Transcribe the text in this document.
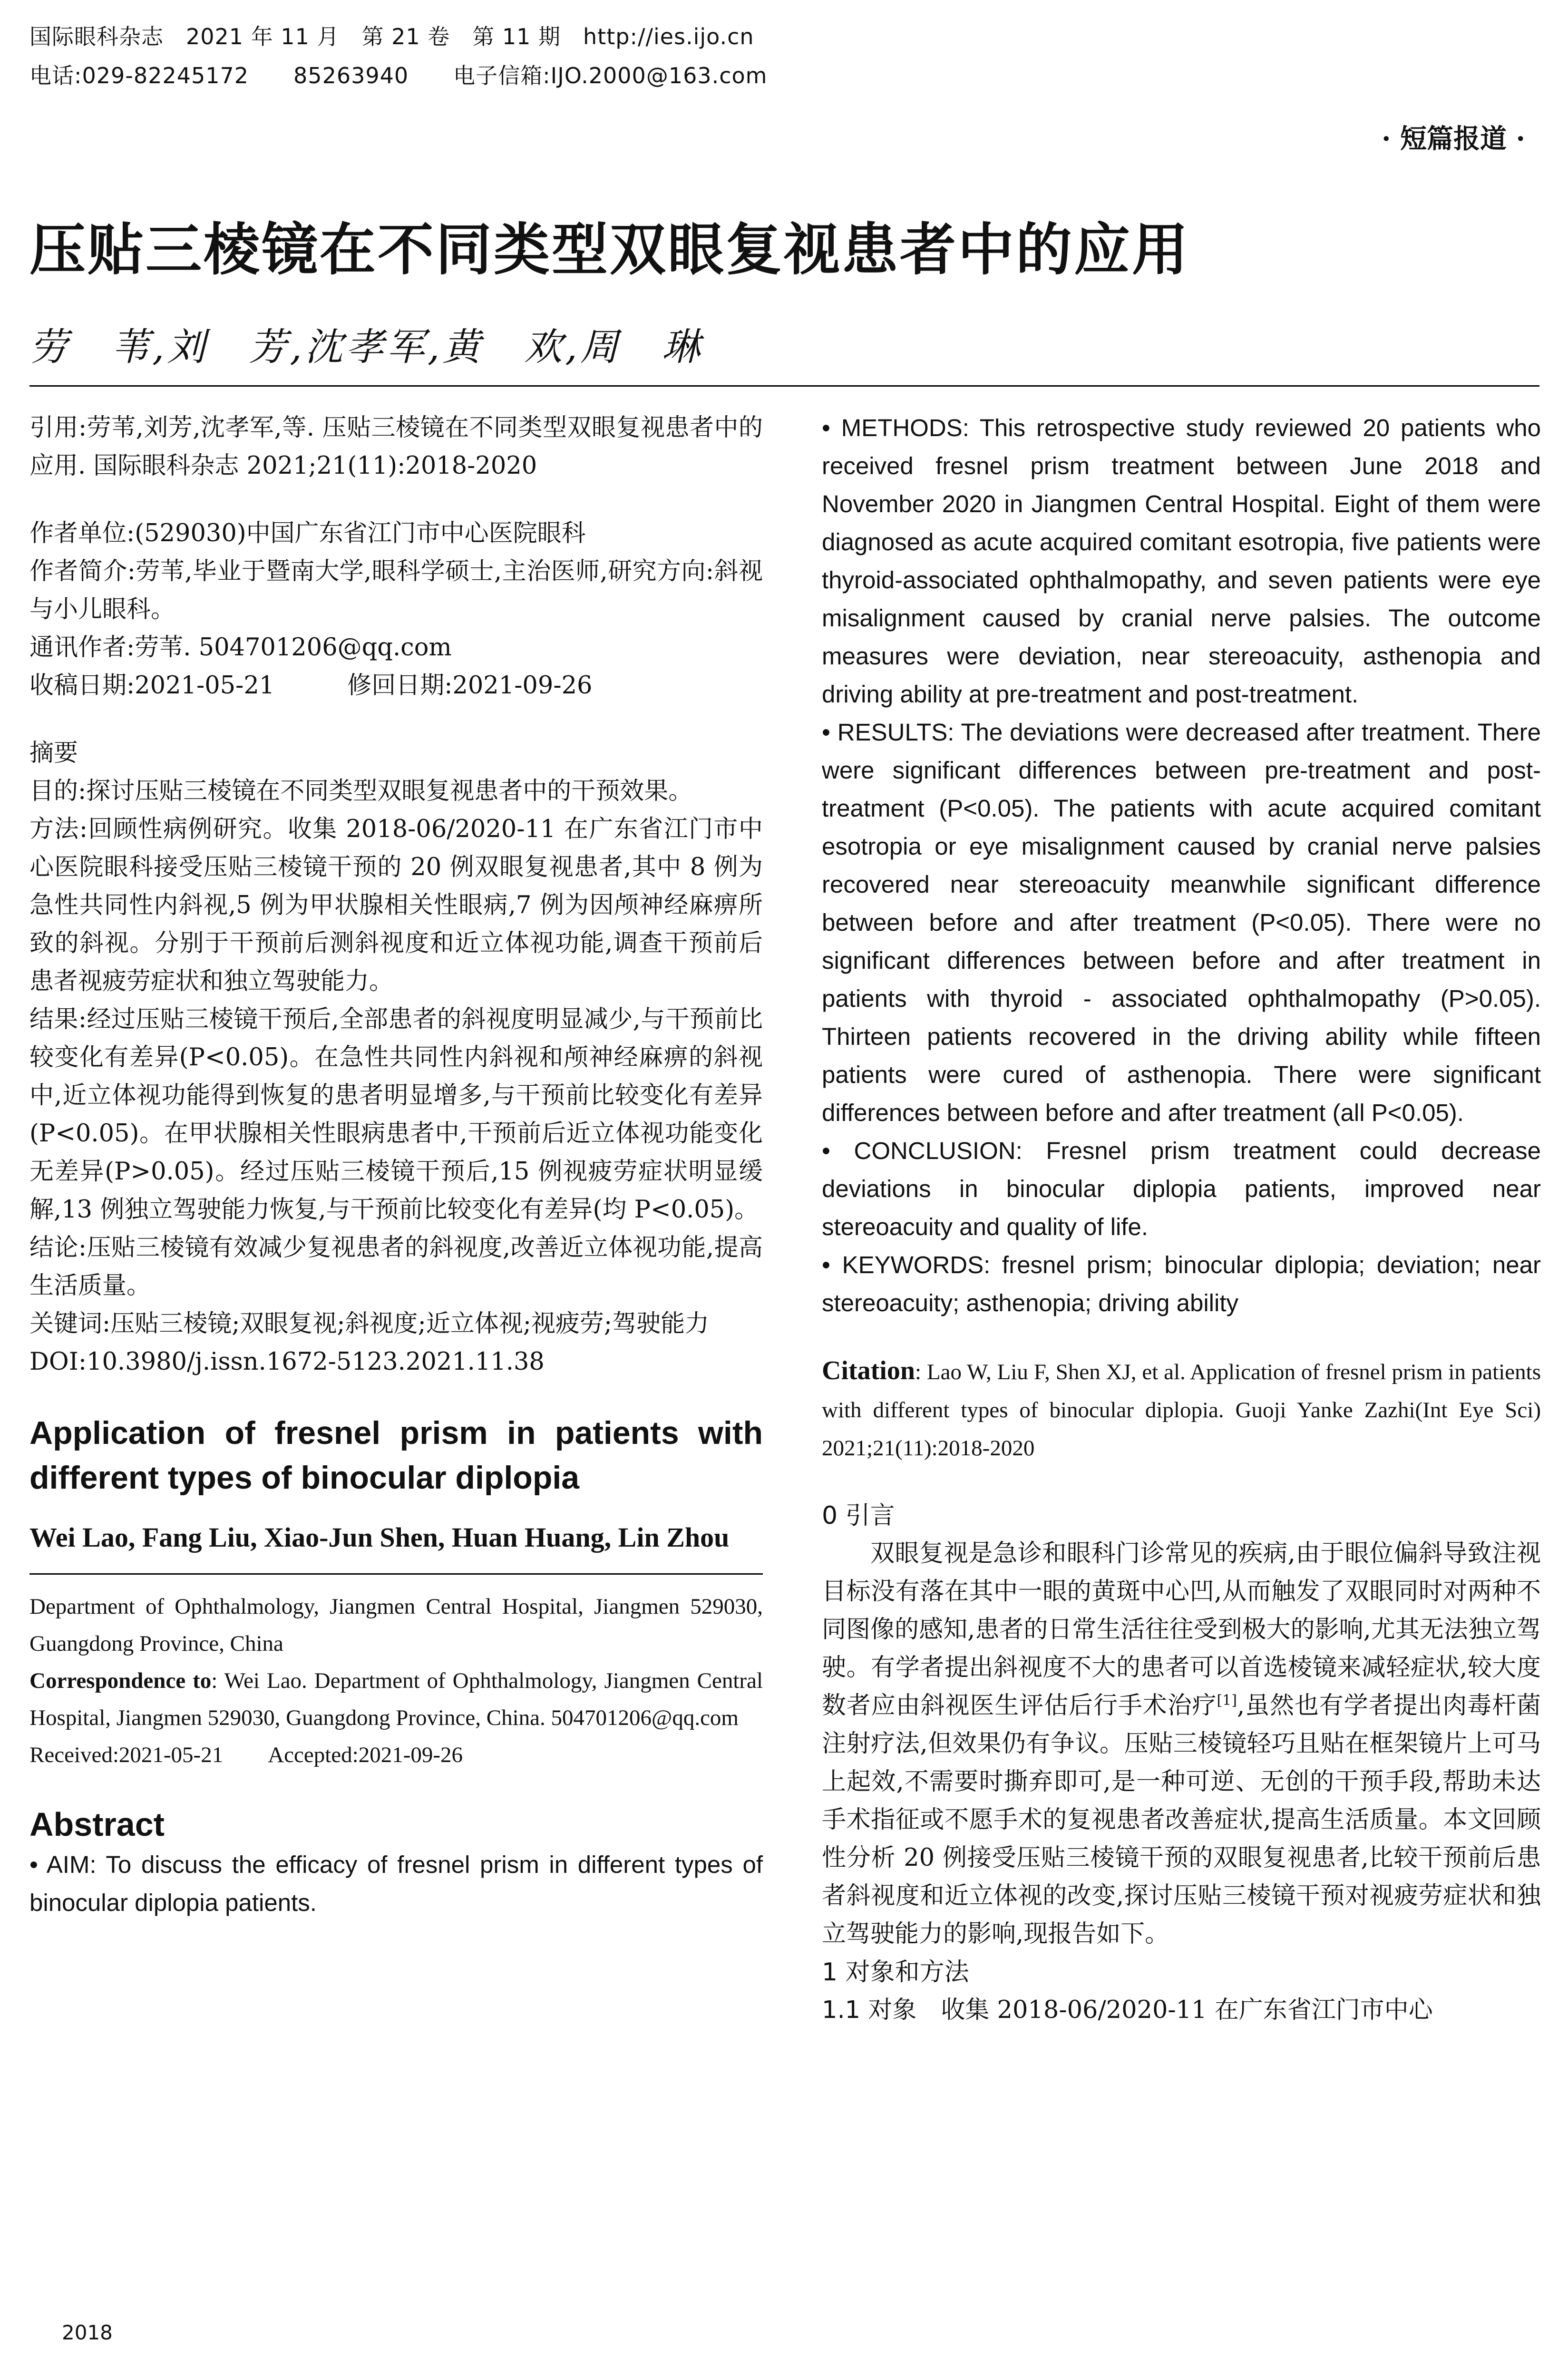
国际眼科杂志　2021 年 11 月　第 21 卷　第 11 期　http://ies.ijo.cn
电话:029-82245172　　85263940　　电子信箱:IJO.2000@163.com
· 短篇报道 ·
压贴三棱镜在不同类型双眼复视患者中的应用
劳　苇,刘　芳,沈孝军,黄　欢,周　琳

引用:劳苇,刘芳,沈孝军,等. 压贴三棱镜在不同类型双眼复视患者中的应用. 国际眼科杂志 2021;21(11):2018-2020

作者单位:(529030)中国广东省江门市中心医院眼科

作者简介:劳苇,毕业于暨南大学,眼科学硕士,主治医师,研究方向:斜视与小儿眼科。

通讯作者:劳苇. 504701206@qq.com

收稿日期:2021-05-21　　　修回日期:2021-09-26

摘要

目的:探讨压贴三棱镜在不同类型双眼复视患者中的干预效果。

方法:回顾性病例研究。收集 2018-06/2020-11 在广东省江门市中心医院眼科接受压贴三棱镜干预的 20 例双眼复视患者,其中 8 例为急性共同性内斜视,5 例为甲状腺相关性眼病,7 例为因颅神经麻痹所致的斜视。分别于干预前后测斜视度和近立体视功能,调查干预前后患者视疲劳症状和独立驾驶能力。

结果:经过压贴三棱镜干预后,全部患者的斜视度明显减少,与干预前比较变化有差异(P<0.05)。在急性共同性内斜视和颅神经麻痹的斜视中,近立体视功能得到恢复的患者明显增多,与干预前比较变化有差异(P<0.05)。在甲状腺相关性眼病患者中,干预前后近立体视功能变化无差异(P>0.05)。经过压贴三棱镜干预后,15 例视疲劳症状明显缓解,13 例独立驾驶能力恢复,与干预前比较变化有差异(均 P<0.05)。

结论:压贴三棱镜有效减少复视患者的斜视度,改善近立体视功能,提高生活质量。

关键词:压贴三棱镜;双眼复视;斜视度;近立体视;视疲劳;驾驶能力

DOI:10.3980/j.issn.1672-5123.2021.11.38

Application of fresnel prism in patients with different types of binocular diplopia

Wei Lao, Fang Liu, Xiao-Jun Shen, Huan Huang, Lin Zhou

Department of Ophthalmology, Jiangmen Central Hospital, Jiangmen 529030, Guangdong Province, China

Correspondence to: Wei Lao. Department of Ophthalmology, Jiangmen Central Hospital, Jiangmen 529030, Guangdong Province, China. 504701206@qq.com

Received:2021-05-21　　Accepted:2021-09-26

Abstract

• AIM: To discuss the efficacy of fresnel prism in different types of binocular diplopia patients.

• METHODS: This retrospective study reviewed 20 patients who received fresnel prism treatment between June 2018 and November 2020 in Jiangmen Central Hospital. Eight of them were diagnosed as acute acquired comitant esotropia, five patients were thyroid-associated ophthalmopathy, and seven patients were eye misalignment caused by cranial nerve palsies. The outcome measures were deviation, near stereoacuity, asthenopia and driving ability at pre-treatment and post-treatment.

• RESULTS: The deviations were decreased after treatment. There were significant differences between pre-treatment and post-treatment (P<0.05). The patients with acute acquired comitant esotropia or eye misalignment caused by cranial nerve palsies recovered near stereoacuity meanwhile significant difference between before and after treatment (P<0.05). There were no significant differences between before and after treatment in patients with thyroid - associated ophthalmopathy (P>0.05). Thirteen patients recovered in the driving ability while fifteen patients were cured of asthenopia. There were significant differences between before and after treatment (all P<0.05).

• CONCLUSION: Fresnel prism treatment could decrease deviations in binocular diplopia patients, improved near stereoacuity and quality of life.

• KEYWORDS: fresnel prism; binocular diplopia; deviation; near stereoacuity; asthenopia; driving ability

Citation: Lao W, Liu F, Shen XJ, et al. Application of fresnel prism in patients with different types of binocular diplopia. Guoji Yanke Zazhi(Int Eye Sci) 2021;21(11):2018-2020

0 引言

双眼复视是急诊和眼科门诊常见的疾病,由于眼位偏斜导致注视目标没有落在其中一眼的黄斑中心凹,从而触发了双眼同时对两种不同图像的感知,患者的日常生活往往受到极大的影响,尤其无法独立驾驶。有学者提出斜视度不大的患者可以首选棱镜来减轻症状,较大度数者应由斜视医生评估后行手术治疗[1],虽然也有学者提出肉毒杆菌注射疗法,但效果仍有争议。压贴三棱镜轻巧且贴在框架镜片上可马上起效,不需要时撕弃即可,是一种可逆、无创的干预手段,帮助未达手术指征或不愿手术的复视患者改善症状,提高生活质量。本文回顾性分析 20 例接受压贴三棱镜干预的双眼复视患者,比较干预前后患者斜视度和近立体视的改变,探讨压贴三棱镜干预对视疲劳症状和独立驾驶能力的影响,现报告如下。

1 对象和方法

1.1 对象　收集 2018-06/2020-11 在广东省江门市中心

2018
